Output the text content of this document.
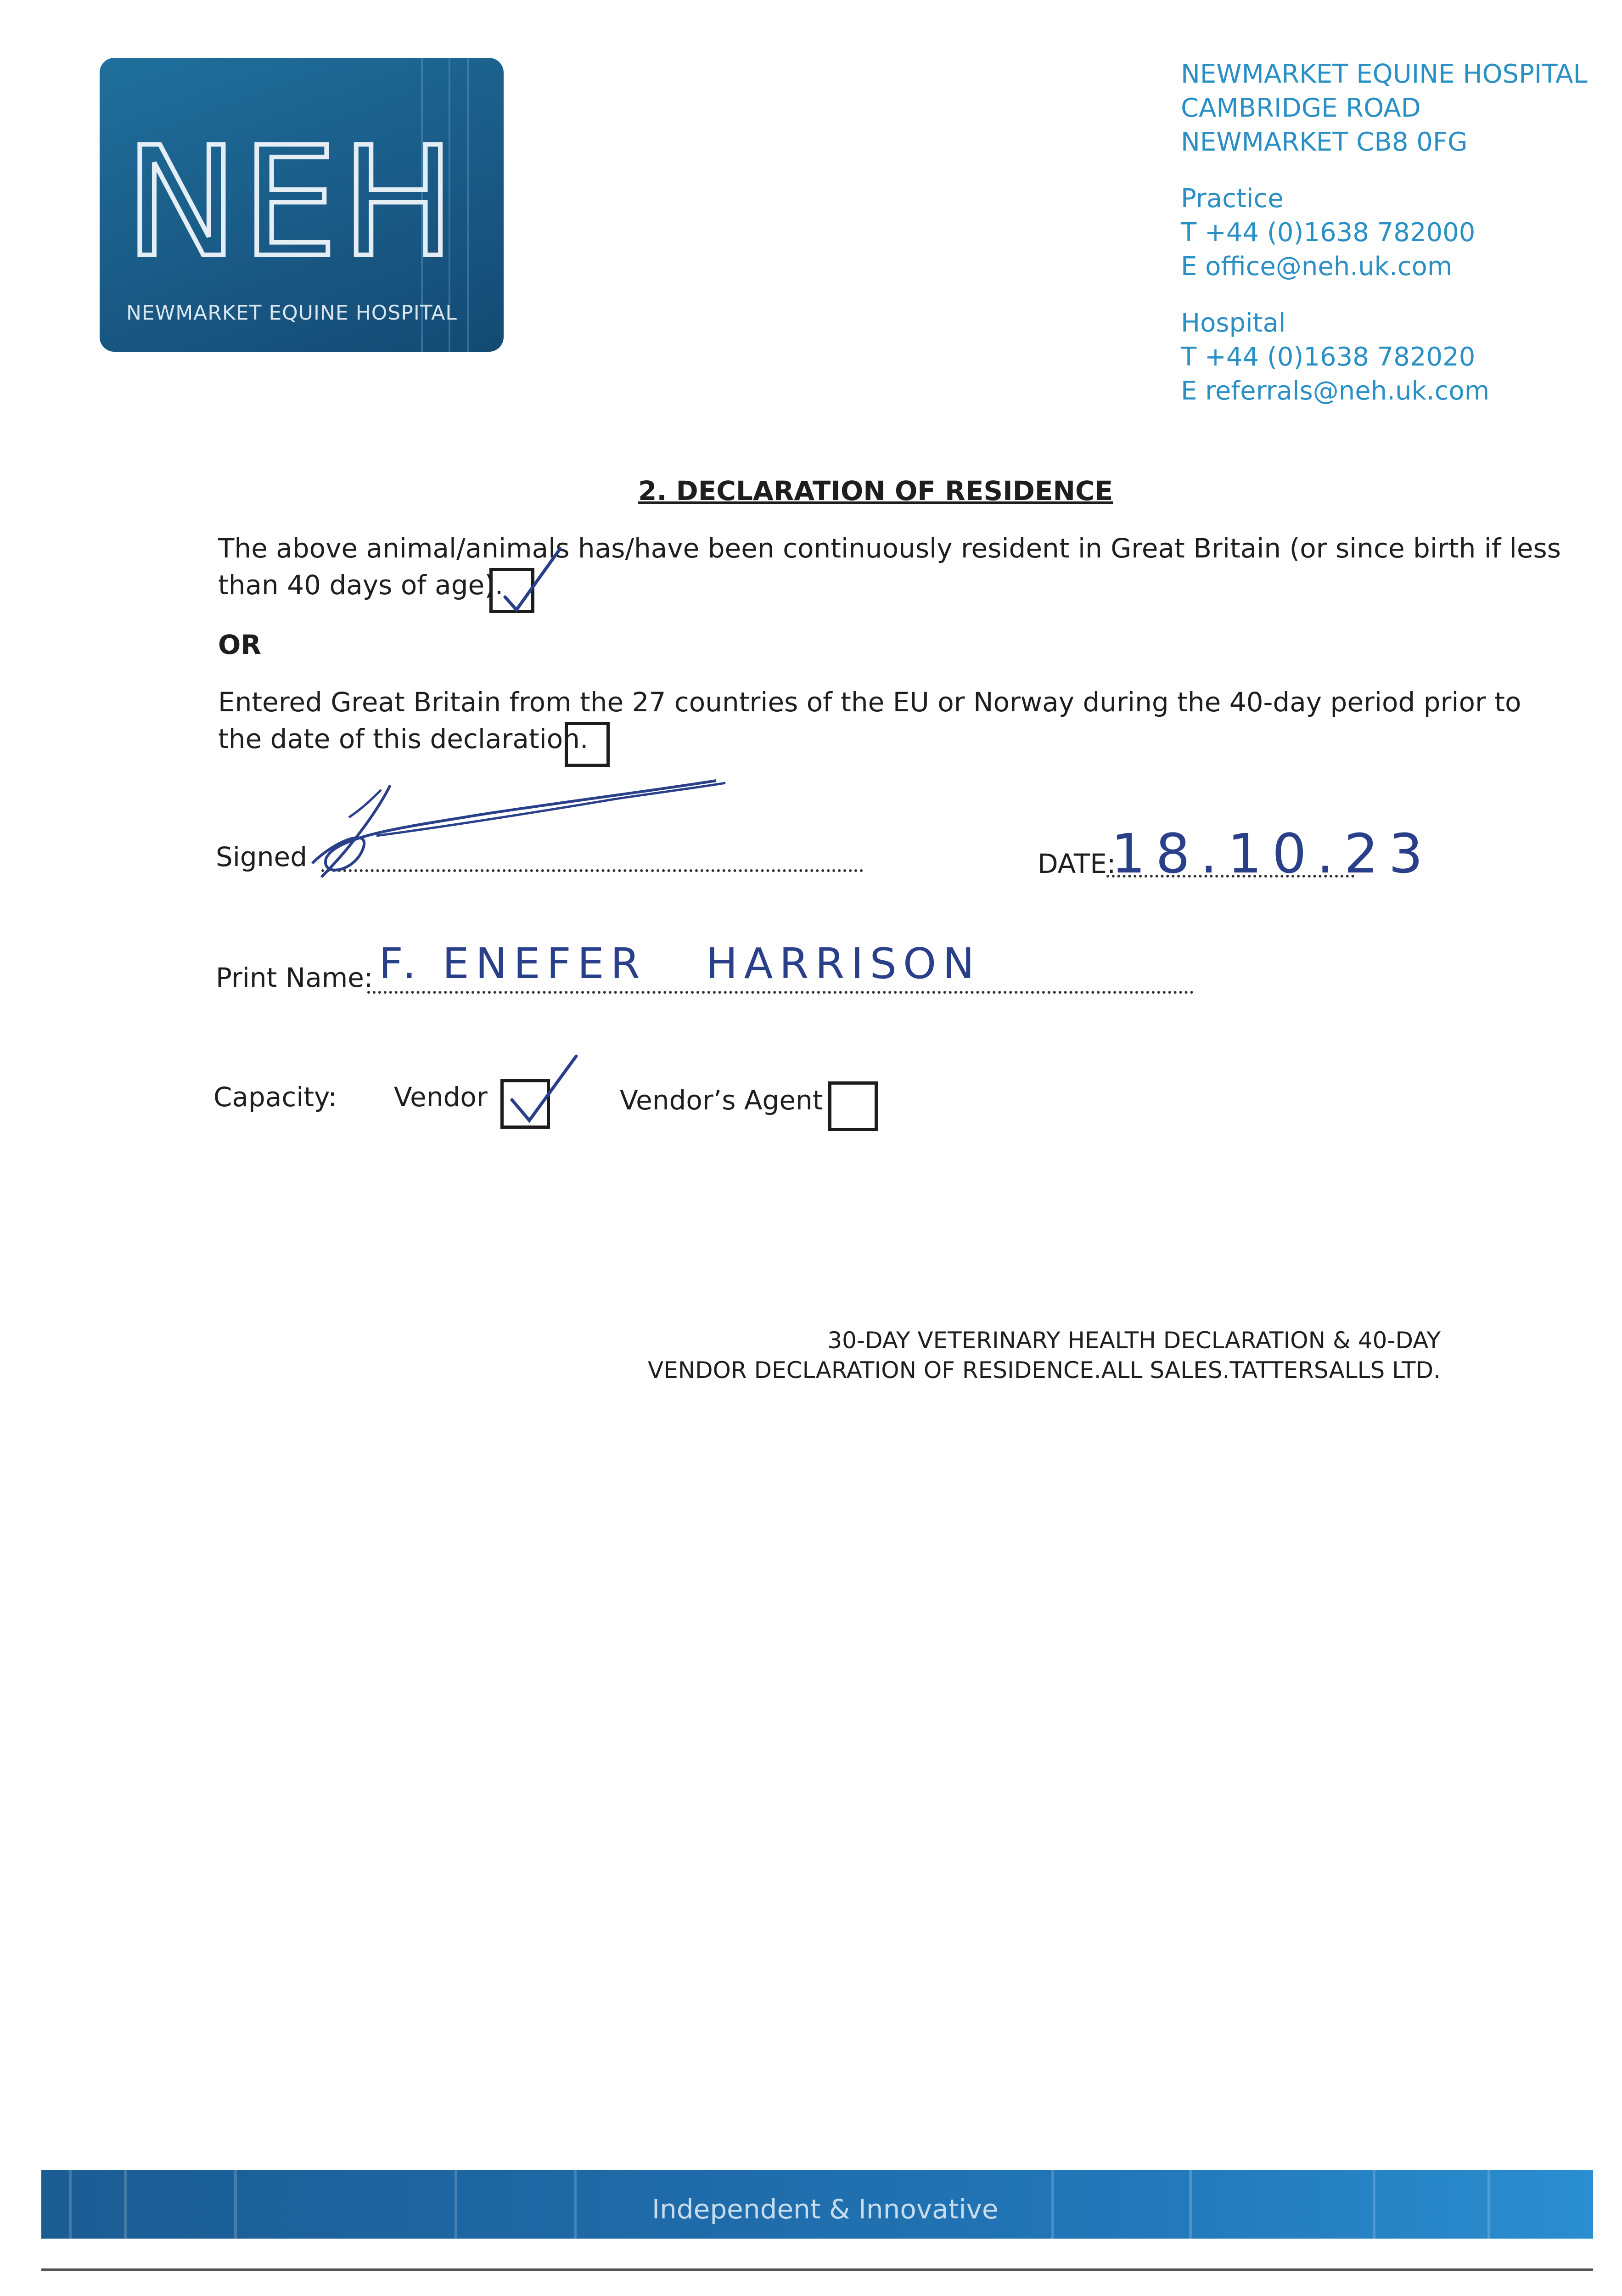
NEH
NEWMARKET EQUINE HOSPITAL
NEWMARKET EQUINE HOSPITAL
CAMBRIDGE ROAD
NEWMARKET CB8 0FG
Practice
T +44 (0)1638 782000
E office@neh.uk.com
Hospital
T +44 (0)1638 782020
E referrals@neh.uk.com
2. DECLARATION OF RESIDENCE
The above animal/animals has/have been continuously resident in Great Britain (or since birth if less
than 40 days of age).
OR
Entered Great Britain from the 27 countries of the EU or Norway during the 40-day period prior to
the date of this declaration.
Signed	DATE:
18.10.23
Print Name: F. ENEFER   HARRISON
Capacity: Vendor	Vendor’s Agent
30-DAY VETERINARY HEALTH DECLARATION & 40-DAY
VENDOR DECLARATION OF RESIDENCE.ALL SALES.TATTERSALLS LTD.
Independent & Innovative
